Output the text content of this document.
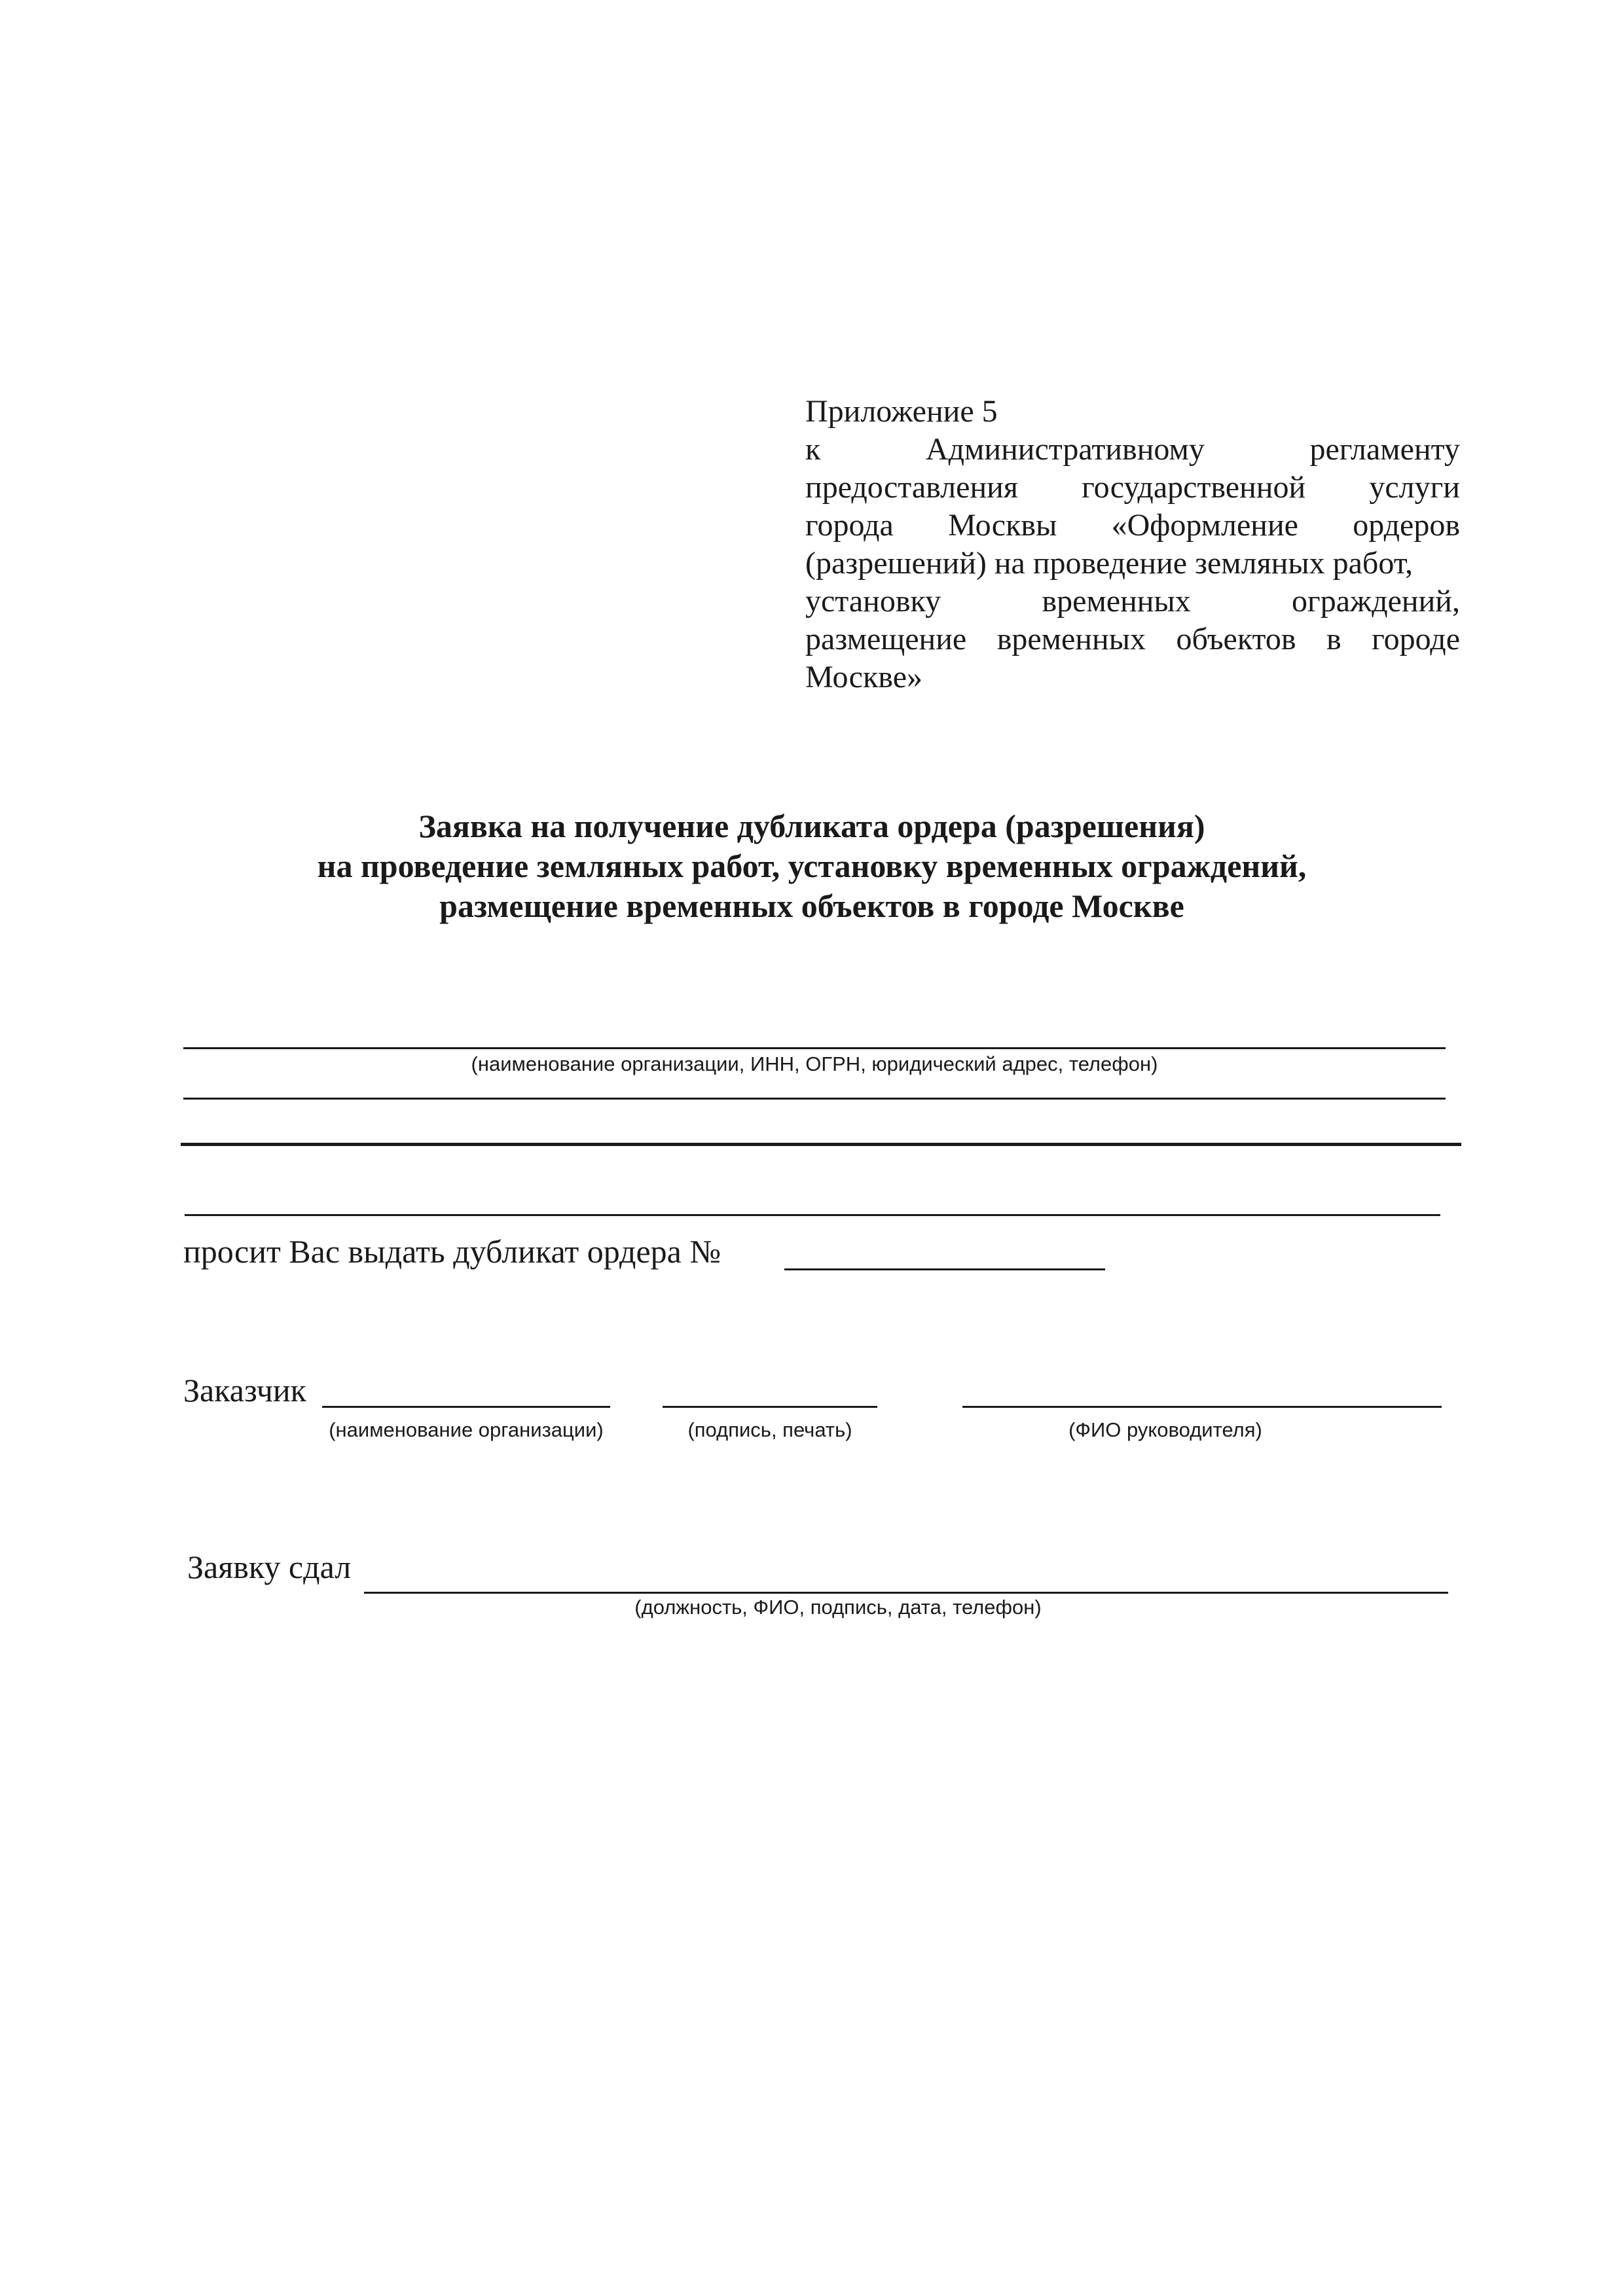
Приложение 5
к	Административному	регламенту
предоставления государственной услуги
города Москвы «Оформление ордеров
(разрешений) на проведение земляных работ,
установку	временных	ограждений,
размещение временных объектов в городе
Москве»
Заявка на получение дубликата ордера (разрешения)
на проведение земляных работ, установку временных ограждений,
размещение временных объектов в городе Москве
(наименование организации, ИНН, ОГРН, юридический адрес, телефон)
просит Вас выдать дубликат ордера №
Заказчик
(наименование организации)	(подпись, печать)	(ФИО руководителя)
Заявку сдал
(должность, ФИО, подпись, дата, телефон)
